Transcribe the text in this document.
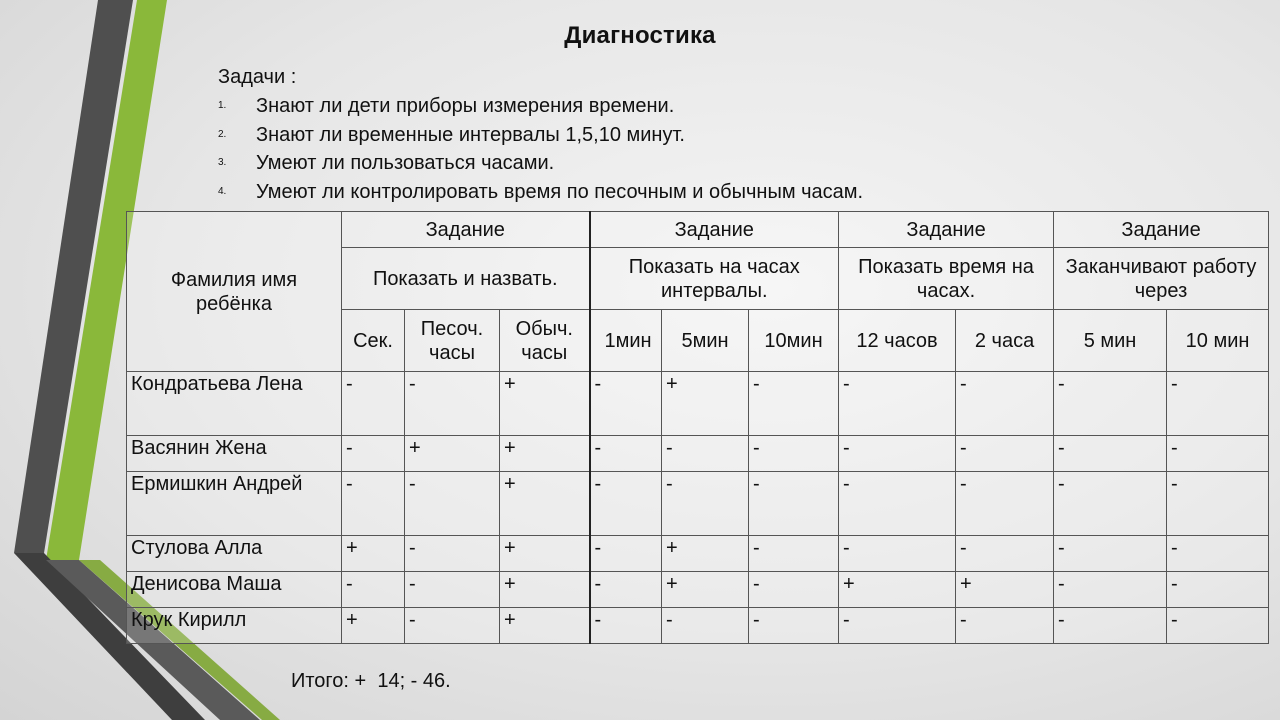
Диагностика
Задачи :
1.	Знают ли дети приборы измерения времени.
2.	Знают ли временные интервалы 1,5,10 минут.
3.	Умеют ли пользоваться часами.
4.	Умеют ли контролировать время по песочным и обычным часам.
Фамилия имя ребёнка	Задание			Задание			Задание		Задание	
	Показать и назвать.			Показать на часах интервалы.			Показать время на часах.		Заканчивают работу через	
	Сек.	Песоч. часы	Обыч. часы	1мин	5мин	10мин	12 часов	2 часа	5 мин	10 мин
Кондратьева Лена	-	-	+	-	+	-	-	-	-	-
Васянин Жена	-	+	+	-	-	-	-	-	-	-
Ермишкин Андрей	-	-	+	-	-	-	-	-	-	-
Стулова Алла	+	-	+	-	+	-	-	-	-	-
Денисова Маша	-	-	+	-	+	-	+	+	-	-
Крук Кирилл	+	-	+	-	-	-	-	-	-	-
Итого: +  14; - 46.
